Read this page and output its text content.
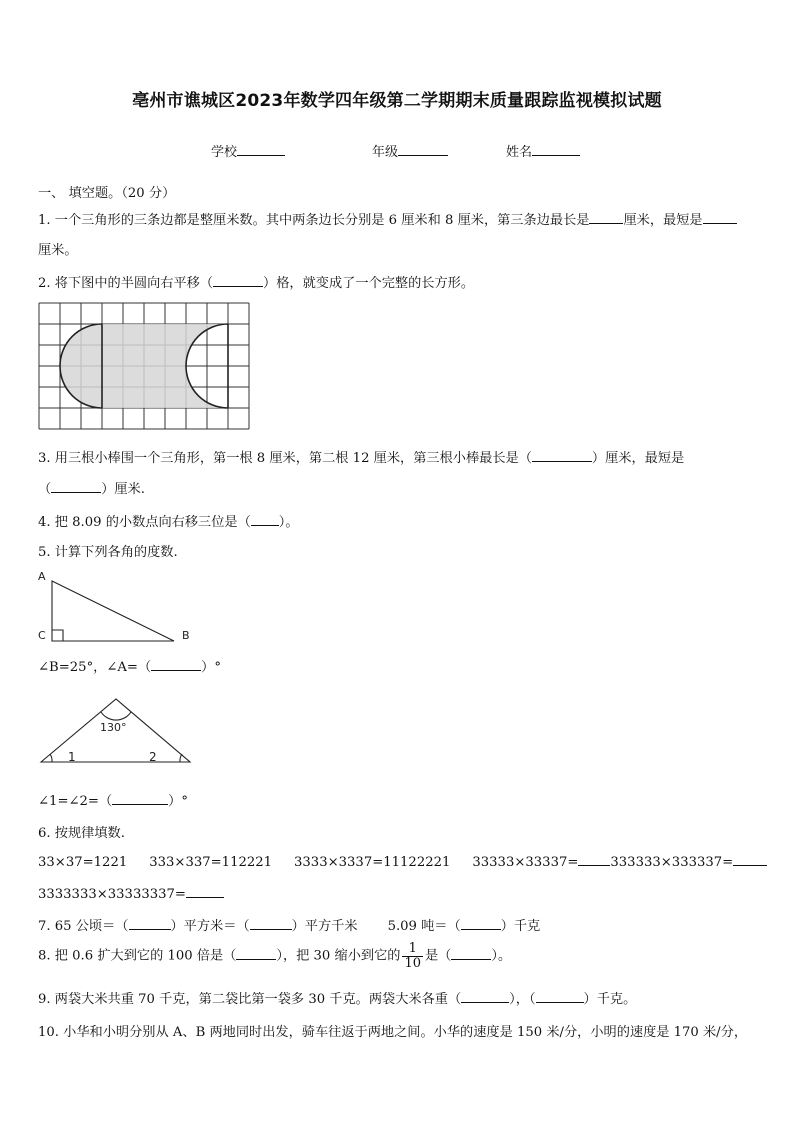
亳州市谯城区2023年数学四年级第二学期期末质量跟踪监视模拟试题
学校	年级	姓名
一、 填空题。（20 分）
1. 一个三角形的三条边都是整厘米数。其中两条边长分别是 6 厘米和 8 厘米，第三条边最长是	厘米，最短是
厘米。
2. 将下图中的半圆向右平移（	）格，就变成了一个完整的长方形。
3. 用三根小棒围一个三角形，第一根 8 厘米，第二根 12 厘米，第三根小棒最长是（	）厘米，最短是
（	）厘米.
4. 把 8.09 的小数点向右移三位是（ ）。
5. 计算下列各角的度数.
A
C	B
∠B=25°，∠A=（	）°
130°
1	2
∠1=∠2=（	）°
6. 按规律填数.
33×37=1221 333×337=112221 3333×3337=11122221 33333×33337= 333333×333337=
3333333×33333337=
7. 65 公顷＝（	）平方米＝（	）平方千米 5.09 吨＝（	）千克
8. 把 0.6 扩大到它的 100 倍是（	），把 30 缩小到它的 $\frac{1}{10}$ 是（	）。
9. 两袋大米共重 70 千克，第二袋比第一袋多 30 千克。两袋大米各重（	），（	）千克。
10. 小华和小明分别从 A、B 两地同时出发，骑车往返于两地之间。小华的速度是 150 米/分，小明的速度是 170 米/分，
